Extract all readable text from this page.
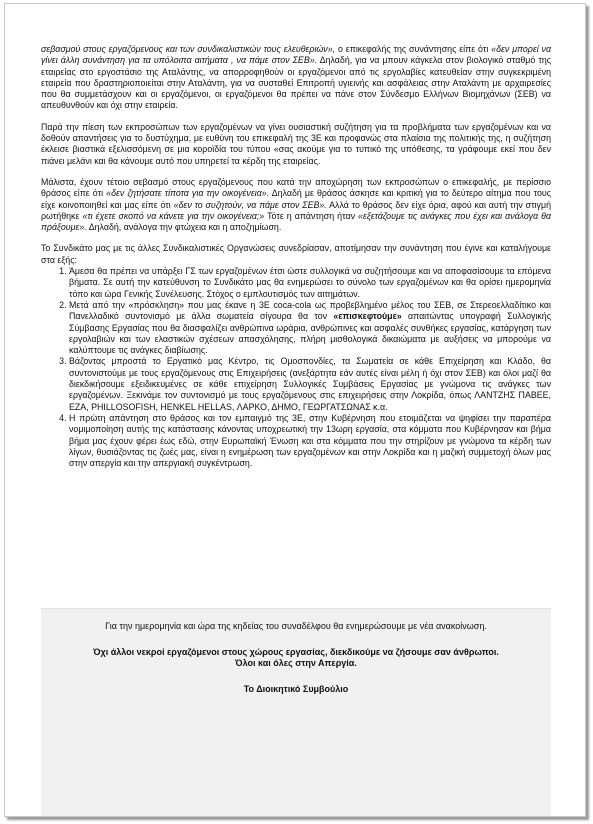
σεβασμού στους εργαζόμενους και των συνδικαλιστικών τους ελευθεριών», ο επικεφαλής της συνάντησης είπε ότι «δεν μπορεί να γίνει άλλη συνάντηση για τα υπόλοιπα αιτήματα , να πάμε στον ΣΕΒ». Δηλαδή, για να μπουν κάγκελα στον βιολογικό σταθμό της εταιρείας στο εργοστάσιο της Αταλάντης, να απορροφηθούν οι εργαζόμενοι από τις εργολαβίες κατευθείαν στην συγκεκριμένη εταιρεία που δραστηριοποιείται στην Αταλάντη, για να συσταθεί Επιτροπή υγιεινής και ασφάλειας στην Αταλάντη με αρχαιρεσίες που θα συμμετάσχουν και οι εργαζόμενοι, οι εργαζόμενοι θα πρέπει να πάνε στον Σύνδεσμο Ελλήνων Βιομηχάνων (ΣΕΒ) να απευθυνθούν και όχι στην εταιρεία.

Παρά την πίεση των εκπροσώπων των εργαζομένων να γίνει ουσιαστική συζήτηση για τα προβλήματα των εργαζομένων και να δοθούν απαντήσεις για το δυστύχημα, με ευθύνη του επικεφαλή της 3Ε και προφανώς στα πλαίσια της πολιτικής της, η συζήτηση έκλεισε βιαστικά εξελισσόμενη σε μια κοροϊδία του τύπου «σας ακούμε για το τυπικό της υπόθεσης, τα γράφουμε εκεί που δεν πιάνει μελάνι και θα κάνουμε αυτό που υπηρετεί τα κέρδη της εταιρείας.

Μάλιστα, έχουν τέτοιο σεβασμό στους εργαζόμενους που κατά την αποχώρηση των εκπροσώπων ο επικεφαλής, με περίσσιο θράσος είπε ότι «δεν ζητήσατε τίποτα για την οικογένεια». Δηλαδή με θράσος άσκησε και κριτική για το δεύτερο αίτημα που τους είχε κοινοποιηθεί και μας είπε ότι «δεν το συζητούν, να πάμε στον ΣΕΒ». Αλλά το θράσος δεν είχε όρια, αφού και αυτή την στιγμή ρωτήθηκε «τι έχετε σκοπό να κάνετε για την οικογένεια;» Τότε η απάντηση ήταν «εξετάζουμε τις ανάγκες που έχει και ανάλογα θα πράξουμε». Δηλαδή, ανάλογα την φτώχεια και η αποζημίωση.

Το Συνδικάτο μας με τις άλλες Συνδικαλιστικές Οργανώσεις συνεδρίασαν, αποτίμησαν την συνάντηση που έγινε και καταλήγουμε στα εξής:

1. Άμεσα θα πρέπει να υπάρξει ΓΣ των εργαζομένων έτσι ώστε συλλογικά να συζητήσουμε και να αποφασίσουμε τα επόμενα βήματα. Σε αυτή την κατεύθυνση το Συνδικάτο μας θα ενημερώσει το σύνολο των εργαζομένων και θα ορίσει ημερομηνία τόπο και ώρα Γενικής Συνέλευσης. Στόχος ο εμπλουτισμός των αιτημάτων.
2. Μετά από την «πρόσκληση» που μας έκανε η 3Ε coca-cola ως προβεβλημένο μέλος του ΣΕΒ, σε Στερεοελλαδίτικο και Πανελλαδικό συντονισμό με άλλα σωματεία σίγουρα θα τον «επισκεφτούμε» απαιτώντας υπογραφή Συλλογικής Σύμβασης Εργασίας που θα διασφαλίζει ανθρώπινα ωράρια, ανθρώπινες και ασφαλές συνθήκες εργασίας, κατάργηση των εργολαβιών και των ελαστικών σχέσεων απασχόλησης, πλήρη μισθολογικά δικαιώματα με αυξήσεις να μπορούμε να καλύπτουμε τις ανάγκες διαβίωσης.
3. Βάζοντας μπροστά το Εργατικό μας Κέντρο, τις Ομοσπονδίες, τα Σωματεία σε κάθε Επιχείρηση και Κλάδο, θα συντονιστούμε με τους εργαζόμενους στις Επιχειρήσεις (ανεξάρτητα εάν αυτές είναι μέλη ή όχι στον ΣΕΒ) και όλοι μαζί θα διεκδικήσουμε εξειδικευμένες σε κάθε επιχείρηση Συλλογικές Συμβάσεις Εργασίας με γνώμονα τις ανάγκες των εργαζομένων. Ξεκινάμε τον συντονισμό με τους εργαζόμενους στις επιχειρήσεις στην Λοκρίδα, όπως ΛΑΝΤΖΗΣ ΠΑΒΕΕ, ΕΖΑ, PHILLOSOFISH, HENKEL HELLAS, ΛΑΡΚΟ, ΔΗΜΟ, ΓΕΩΡΓΑΤΣΩΝΑΣ κ.α.
4. Η πρώτη απάντηση στο θράσος και τον εμπαιγμό της 3Ε, στην Κυβέρνηση που ετοιμάζεται να ψηφίσει την παραπέρα νομιμοποίηση αυτής της κατάστασης κάνοντας υποχρεωτική την 13ωρη εργασία, στα κόμματα που Κυβέρνησαν και βήμα βήμα μας έχουν φέρει έως εδώ, στην Ευρωπαϊκή Ένωση και στα κόμματα που την στηρίζουν με γνώμονα τα κέρδη των λίγων, θυσιάζοντας τις ζωές μας, είναι η ενημέρωση των εργαζομένων και στην Λοκρίδα και η μαζική συμμετοχή όλων μας στην απεργία και την απεργιακή συγκέντρωση.

Για την ημερομηνία και ώρα της κηδείας του συναδέλφου θα ενημερώσουμε με νέα ανακοίνωση.

Όχι άλλοι νεκροί εργαζόμενοι στους χώρους εργασίας, διεκδικούμε να ζήσουμε σαν άνθρωποι.
Όλοι και όλες στην Απεργία.

Το Διοικητικό Συμβούλιο
